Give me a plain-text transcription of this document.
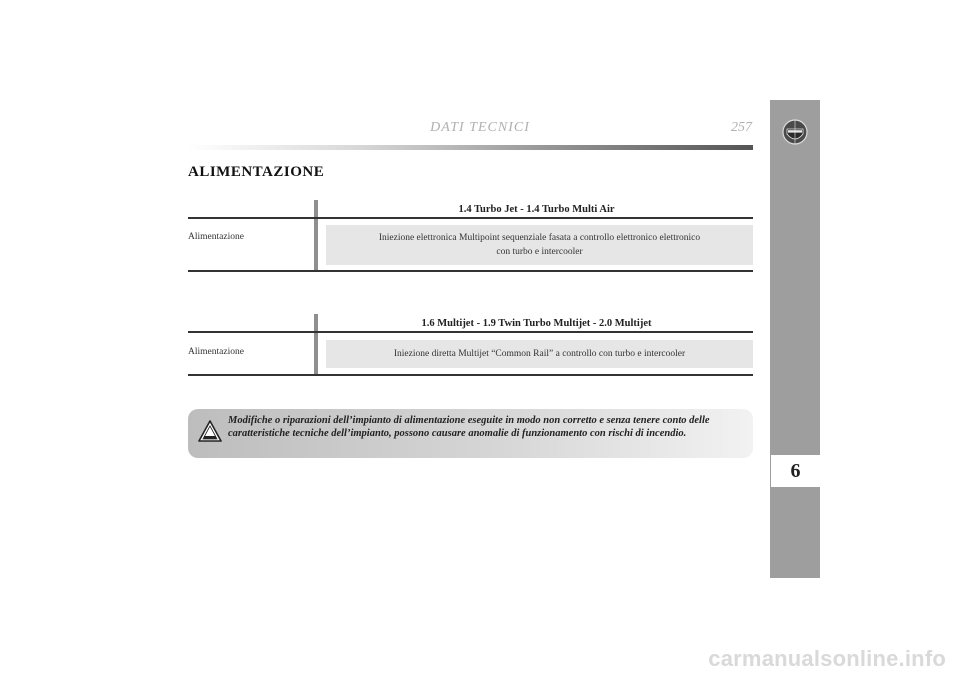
DATI TECNICI	257
6
ALIMENTAZIONE
1.4 Turbo Jet - 1.4 Turbo Multi Air
Alimentazione	Iniezione elettronica Multipoint sequenziale fasata a controllo elettronico elettronico
con turbo e intercooler
1.6 Multijet - 1.9 Twin Turbo Multijet - 2.0 Multijet
Alimentazione	Iniezione diretta Multijet “Common Rail” a controllo con turbo e intercooler
Modifiche o riparazioni dell’impianto di alimentazione eseguite in modo non corretto e senza tenere conto delle caratteristiche tecniche dell’impianto, possono causare anomalie di funzionamento con rischi di incendio.
carmanualsonline.info
